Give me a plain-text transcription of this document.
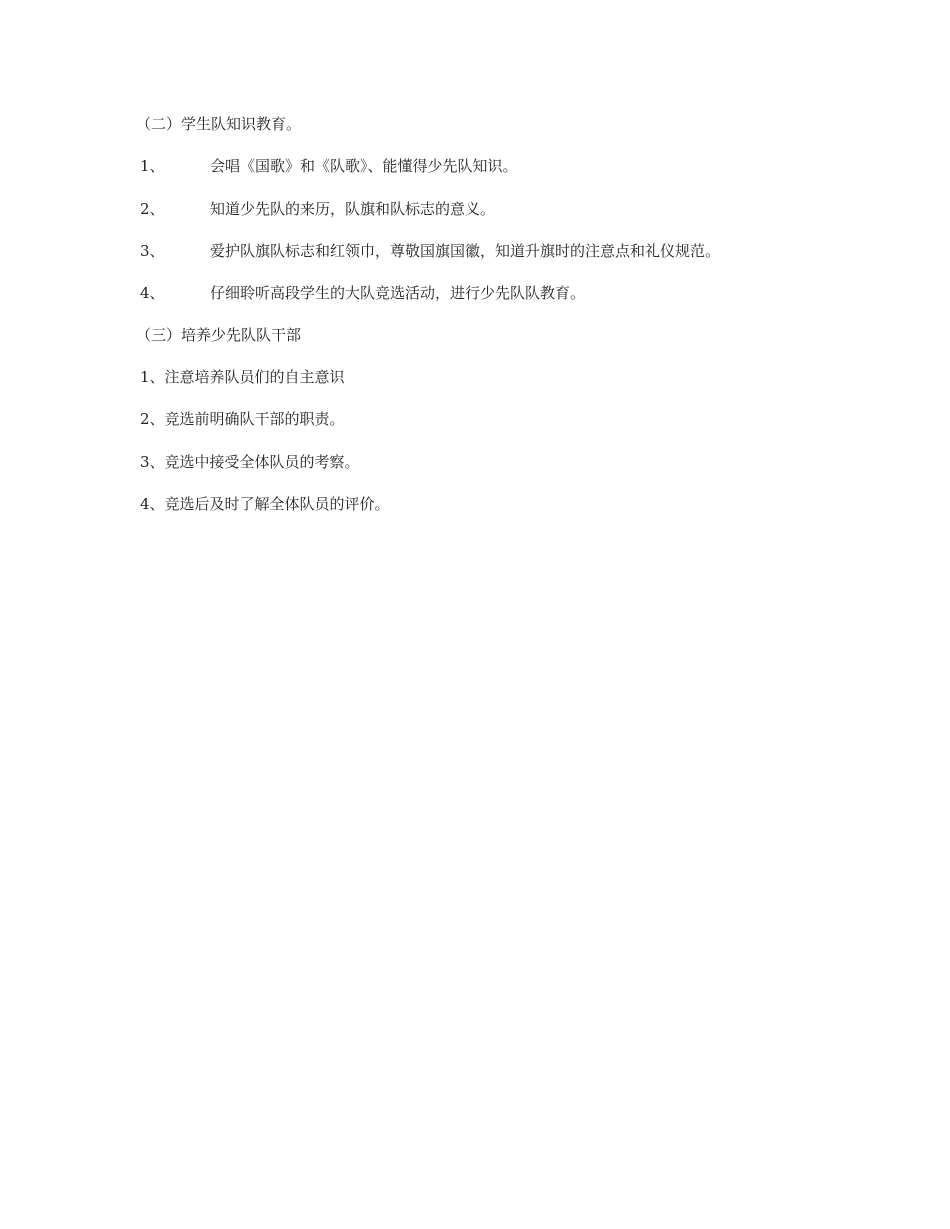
（二）学生队知识教育。
1、	会唱《国歌》和《队歌》、能懂得少先队知识。
2、	知道少先队的来历，队旗和队标志的意义。
3、	爱护队旗队标志和红领巾，尊敬国旗国徽，知道升旗时的注意点和礼仪规范。
4、	仔细聆听高段学生的大队竞选活动，进行少先队队教育。
（三）培养少先队队干部
1、注意培养队员们的自主意识
2、竞选前明确队干部的职责。
3、竞选中接受全体队员的考察。
4、竞选后及时了解全体队员的评价。
